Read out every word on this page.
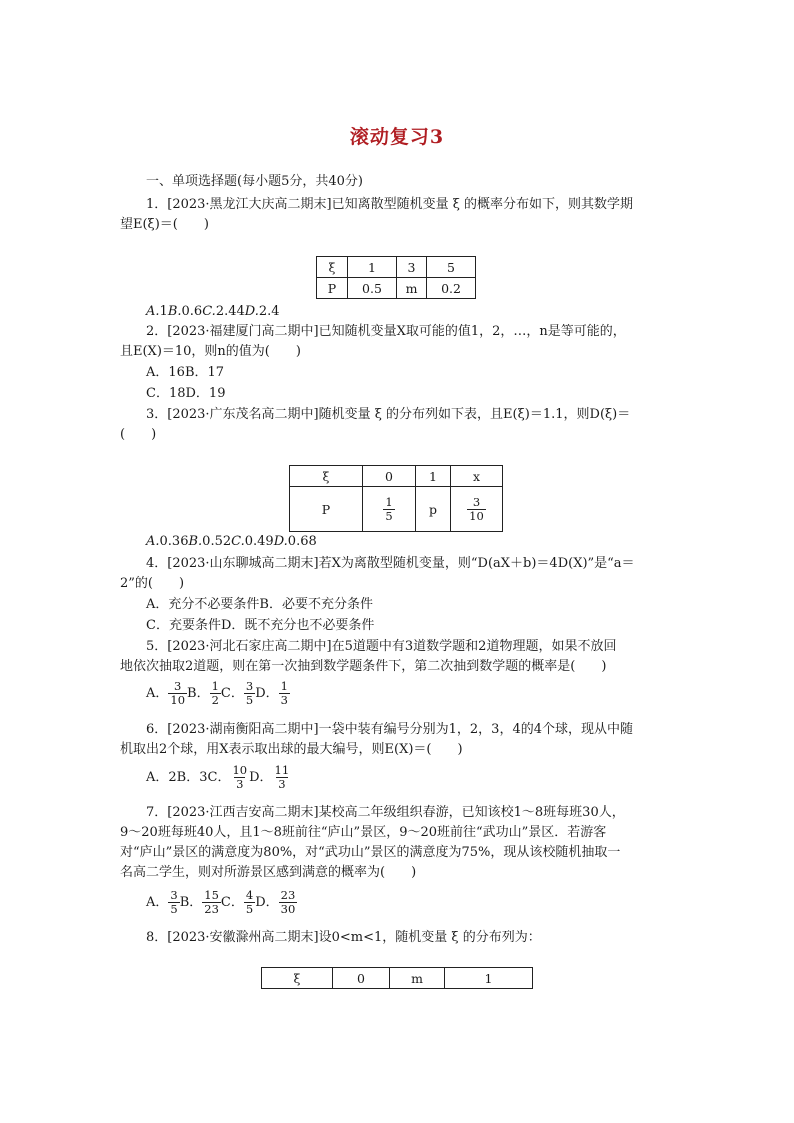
滚动复习3
一、单项选择题(每小题5分，共40分)
1．[2023·黑龙江大庆高二期末]已知离散型随机变量 ξ 的概率分布如下，则其数学期
望E(ξ)＝(　　)
ξ	1	3	5
P	0.5	m	0.2
A.1B.0.6C.2.44D.2.4
2．[2023·福建厦门高二期中]已知随机变量X取可能的值1，2，…，n是等可能的，
且E(X)＝10，则n的值为(　　)
A．16B．17
C．18D．19
3．[2023·广东茂名高二期中]随机变量 ξ 的分布列如下表，且E(ξ)＝1.1，则D(ξ)＝
(　　)
ξ	0	1	x
P	$\frac{1}{5}$	p	$\frac{3}{10}$
A.0.36B.0.52C.0.49D.0.68
4．[2023·山东聊城高二期末]若X为离散型随机变量，则“D(aX＋b)＝4D(X)”是“a＝
2”的(　　)
A．充分不必要条件B．必要不充分条件
C．充要条件D．既不充分也不必要条件
5．[2023·河北石家庄高二期中]在5道题中有3道数学题和2道物理题，如果不放回
地依次抽取2道题，则在第一次抽到数学题条件下，第二次抽到数学题的概率是(　　)
A． $\frac{3}{10}$ B． $\frac{1}{2}$ C． $\frac{3}{5}$ D． $\frac{1}{3}$
6．[2023·湖南衡阳高二期中]一袋中装有编号分别为1，2，3，4的4个球，现从中随
机取出2个球，用X表示取出球的最大编号，则E(X)＝(　　)
A．2B．3C． $\frac{10}{3}$ D． $\frac{11}{3}$
7．[2023·江西吉安高二期末]某校高二年级组织春游，已知该校1～8班每班30人，
9～20班每班40人，且1～8班前往“庐山”景区，9～20班前往“武功山”景区．若游客
对“庐山”景区的满意度为80%，对“武功山”景区的满意度为75%，现从该校随机抽取一
名高二学生，则对所游景区感到满意的概率为(　　)
A． $\frac{3}{5}$ B． $\frac{15}{23}$ C． $\frac{4}{5}$ D． $\frac{23}{30}$
8．[2023·安徽滁州高二期末]设0<m<1，随机变量 ξ 的分布列为：
ξ	0	m	1
